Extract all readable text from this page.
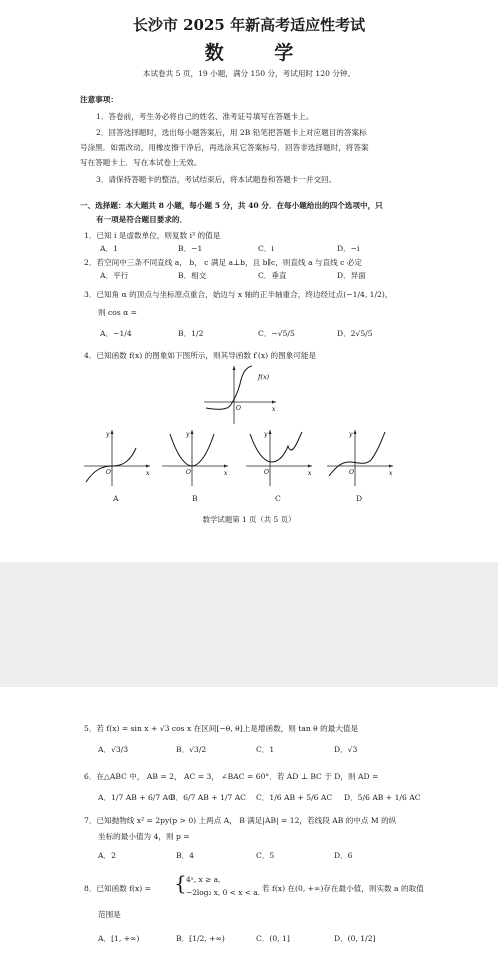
长沙市 2025 年新高考适应性考试
数 学
本试卷共 5 页，19 小题，满分 150 分，考试用时 120 分钟。
注意事项：
1．答卷前，考生务必将自己的姓名、准考证号填写在答题卡上。
2．回答选择题时，选出每小题答案后，用 2B 铅笔把答题卡上对应题目的答案标
号涂黑．如需改动，用橡皮擦干净后，再选涂其它答案标号．回答非选择题时，将答案
写在答题卡上．写在本试卷上无效。
3．请保持答题卡的整洁，考试结束后，将本试题卷和答题卡一并交回。
一、选择题：本大题共 8 小题，每小题 5 分，共 40 分．在每小题给出的四个选项中，只
有一项是符合题目要求的．
1．已知 i 是虚数单位，则复数 i³ 的值是
A．1	B．−1	C．i	D．−i
2．若空间中三条不同直线 a， b， c 满足 a⊥b，且 b∥c，则直线 a 与直线 c 必定
A．平行	B．相交	C．垂直	D．异面
3．已知角 α 的顶点与坐标原点重合，始边与 x 轴的正半轴重合，终边经过点(−1/4, 1/2)，
则 cos α =
A．−1/4	B．1/2	C．−√5/5	D．2√5/5
4．已知函数 f(x) 的图象如下图所示，则其导函数 f′(x) 的图象可能是
f(x)
O	x
y
O	x
y
O	x
y
O	x
y
O	x
A	B	C	D
数学试题第 1 页（共 5 页）
5．若 f(x) = sin x + √3 cos x 在区间[−θ, θ]上是增函数，则 tan θ 的最大值是
A．√3/3	B．√3/2	C．1	D．√3
6．在△ABC 中， AB = 2， AC = 3， ∠BAC = 60°．若 AD ⊥ BC 于 D，则 AD =
A．1/7 AB + 6/7 AC
B．6/7 AB + 1/7 AC C．1/6 AB + 5/6 AC D．5/6 AB + 1/6 AC
7．已知抛物线 x² = 2py(p > 0) 上两点 A， B 满足|AB| = 12，若线段 AB 的中点 M 的纵
坐标的最小值为 4，则 p =
A．2	B．4	C．5	D．6
8．已知函数 f(x) = { 4ˣ, x ≥ a,
−2log₂ x, 0 < x < a. 若 f(x) 在(0, +∞)存在最小值，则实数 a 的取值
范围是
A．[1, +∞)	B．[1/2, +∞)	C．(0, 1]	D．(0, 1/2]
